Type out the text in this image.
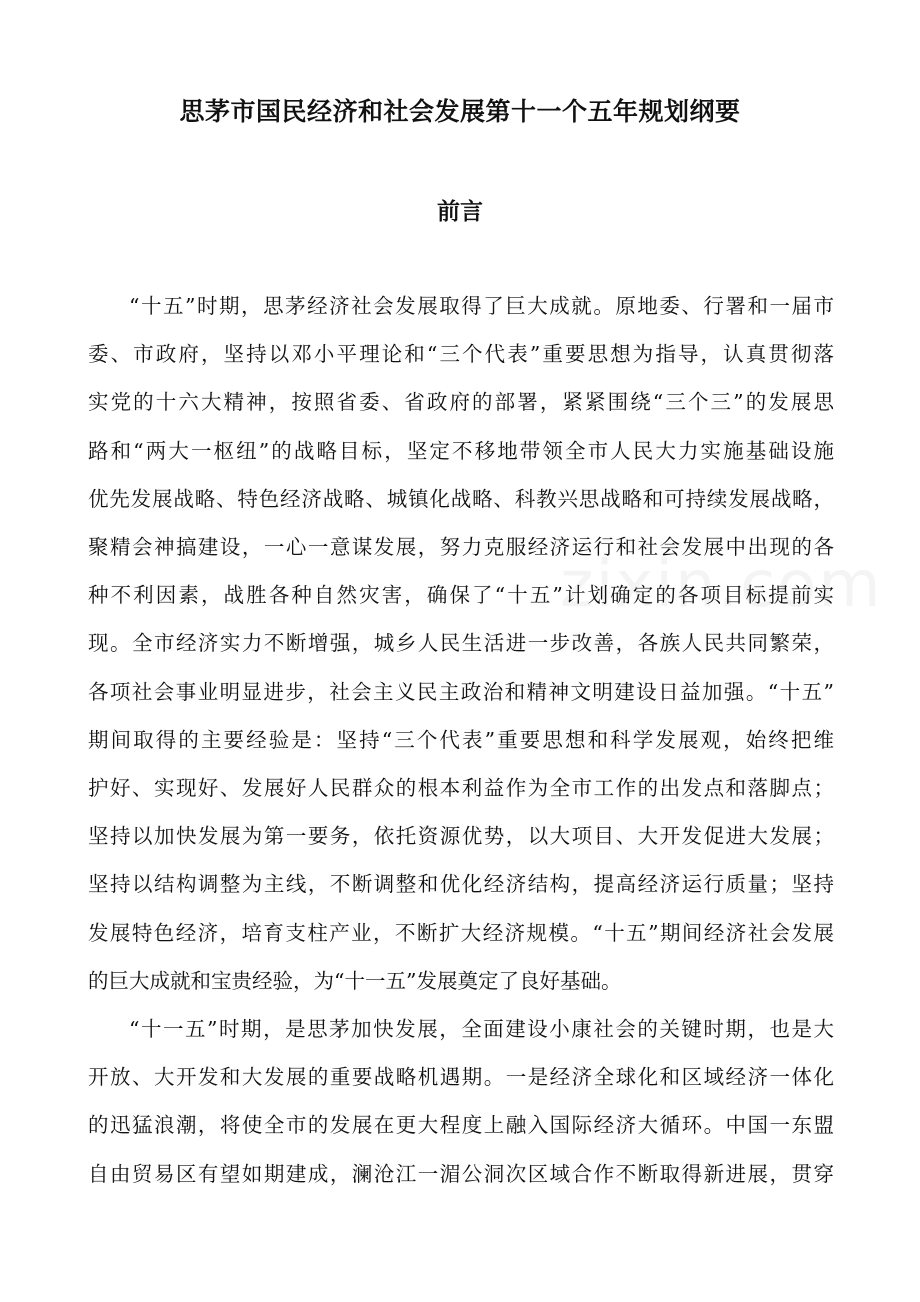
思茅市国民经济和社会发展第十一个五年规划纲要
前言

“十五”时期，思茅经济社会发展取得了巨大成就。原地委、行署和一届市

委、市政府，坚持以邓小平理论和“三个代表”重要思想为指导，认真贯彻落

实党的十六大精神，按照省委、省政府的部署，紧紧围绕“三个三”的发展思

路和“两大一枢纽”的战略目标，坚定不移地带领全市人民大力实施基础设施

优先发展战略、特色经济战略、城镇化战略、科教兴思战略和可持续发展战略，

聚精会神搞建设，一心一意谋发展，努力克服经济运行和社会发展中出现的各

种不利因素，战胜各种自然灾害，确保了“十五”计划确定的各项目标提前实

现。全市经济实力不断增强，城乡人民生活进一步改善，各族人民共同繁荣，

各项社会事业明显进步，社会主义民主政治和精神文明建设日益加强。“十五”

期间取得的主要经验是：坚持“三个代表”重要思想和科学发展观，始终把维

护好、实现好、发展好人民群众的根本利益作为全市工作的出发点和落脚点；

坚持以加快发展为第一要务，依托资源优势，以大项目、大开发促进大发展；

坚持以结构调整为主线，不断调整和优化经济结构，提高经济运行质量；坚持

发展特色经济，培育支柱产业，不断扩大经济规模。“十五”期间经济社会发展

的巨大成就和宝贵经验，为“十一五”发展奠定了良好基础。

“十一五”时期，是思茅加快发展，全面建设小康社会的关键时期，也是大

开放、大开发和大发展的重要战略机遇期。一是经济全球化和区域经济一体化

的迅猛浪潮，将使全市的发展在更大程度上融入国际经济大循环。中国一东盟

自由贸易区有望如期建成，澜沧江一湄公洞次区域合作不断取得新进展，贯穿
